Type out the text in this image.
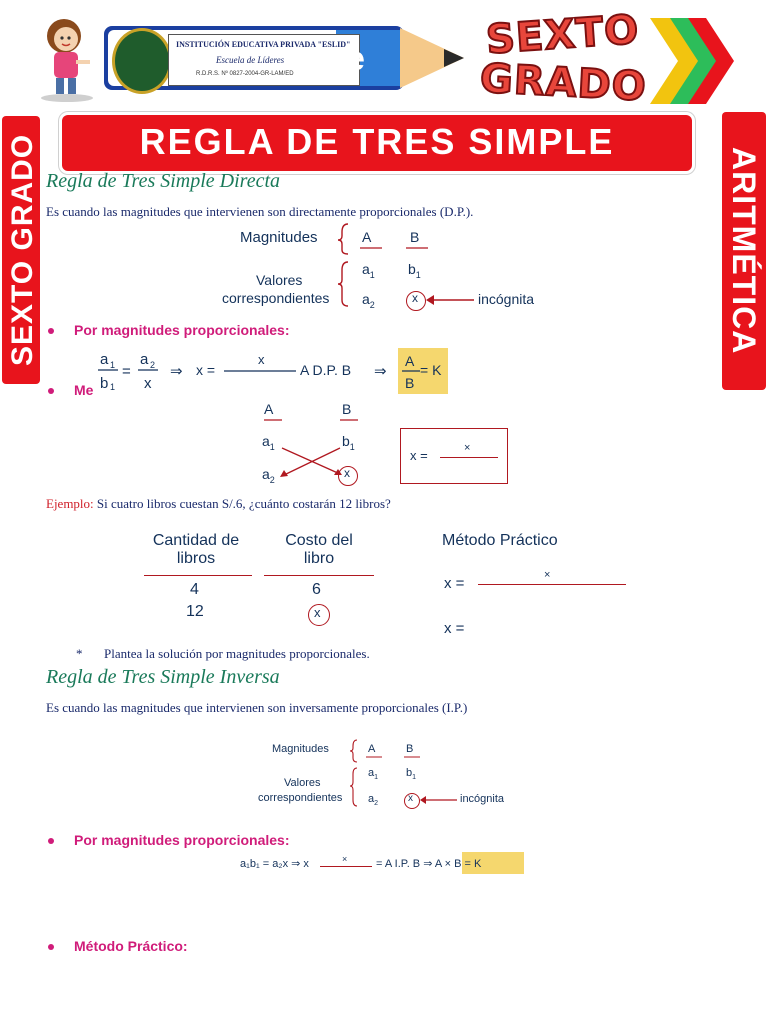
INSTITUCIÓN EDUCATIVA PRIVADA "ESLID"
Escuela de Líderes
R.D.R.S. Nº 0827-2004-GR-LAM/ED e	SEXTO
GRADO
REGLA DE TRES SIMPLE
SEXTO GRADO	ARITMÉTICA
Regla de Tres Simple Directa
Es cuando las magnitudes que intervienen son directamente proporcionales (D.P.).
Magnitudes	A	B
Valores
correspondientes
$a_1$ $b_1$
$a_2$	x	incógnita
Por magnitudes proporcionales:
a 1
b 1
=
a 2
x
⇒
x
⇒
x =	A D.P. B
A
B
= K
Me
A	B
$a_1$	$b_1$
$a_2$	x
x =	×
Ejemplo: Si cuatro libros cuestan S/.6, ¿cuánto costarán 12 libros?
Cantidad de
libros
Costo del
libro
4	6
12	x
Método Práctico
x =	×
x =
* Plantea la solución por magnitudes proporcionales.
Regla de Tres Simple Inversa
Es cuando las magnitudes que intervienen son inversamente proporcionales (I.P.)
Magnitudes	A	B
Valores
correspondientes
$a_1$	$b_1$
$a_2$	x	incógnita
Por magnitudes proporcionales:
a₁b₁ = a₂x ⇒ x	×	= A I.P. B ⇒ A × B = K
Método Práctico:
